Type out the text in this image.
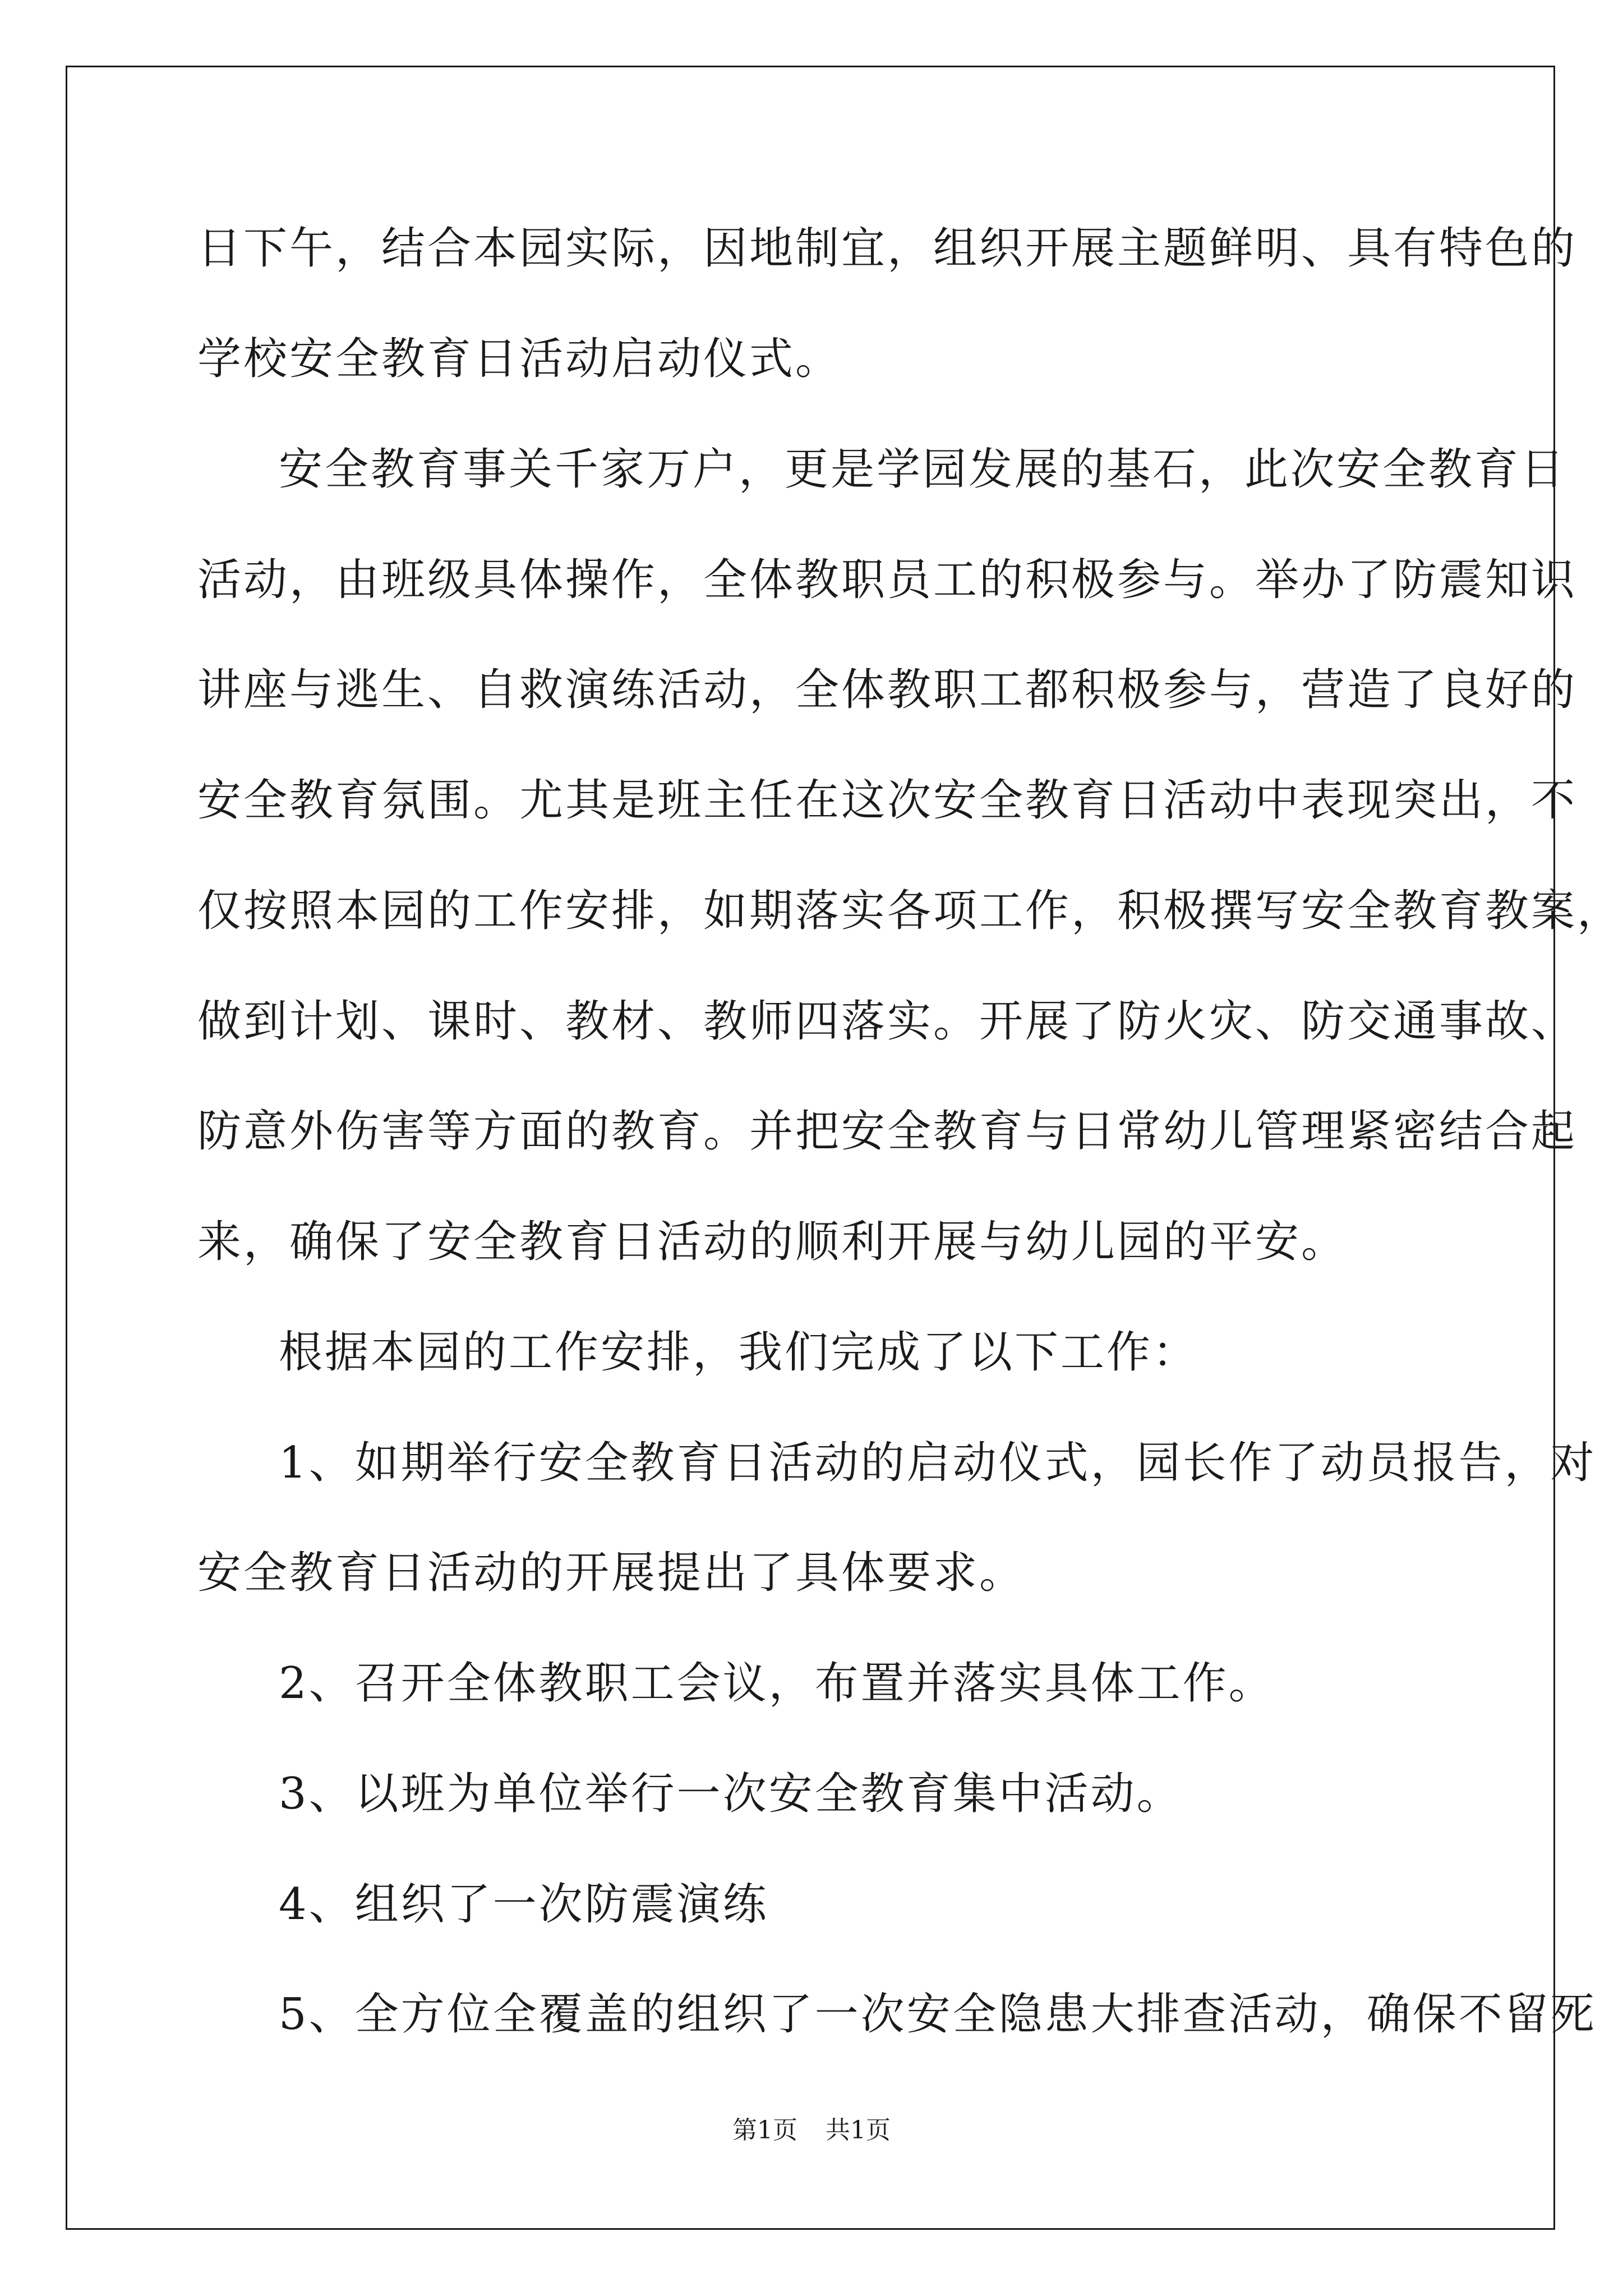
日下午，结合本园实际，因地制宜，组织开展主题鲜明、具有特色的
学校安全教育日活动启动仪式。
安全教育事关千家万户，更是学园发展的基石，此次安全教育日
活动，由班级具体操作，全体教职员工的积极参与。举办了防震知识
讲座与逃生、自救演练活动，全体教职工都积极参与，营造了良好的
安全教育氛围。尤其是班主任在这次安全教育日活动中表现突出，不
仅按照本园的工作安排，如期落实各项工作，积极撰写安全教育教案，
做到计划、课时、教材、教师四落实。开展了防火灾、防交通事故、
防意外伤害等方面的教育。并把安全教育与日常幼儿管理紧密结合起
来，确保了安全教育日活动的顺利开展与幼儿园的平安。
根据本园的工作安排，我们完成了以下工作：
1、如期举行安全教育日活动的启动仪式，园长作了动员报告，对
安全教育日活动的开展提出了具体要求。
2、召开全体教职工会议，布置并落实具体工作。
3、以班为单位举行一次安全教育集中活动。
4、组织了一次防震演练
5、全方位全覆盖的组织了一次安全隐患大排查活动，确保不留死
第1页 共1页
